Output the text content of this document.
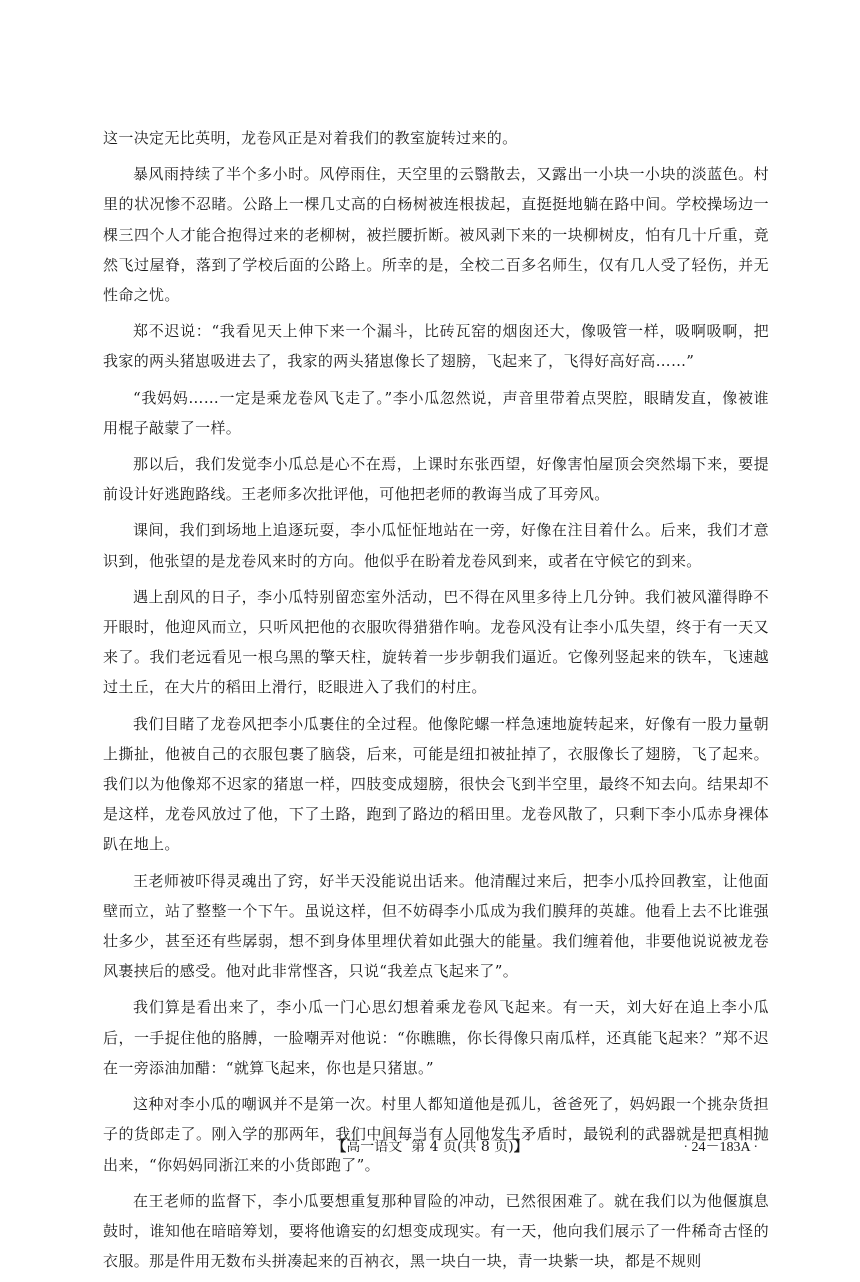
这一决定无比英明，龙卷风正是对着我们的教室旋转过来的。

暴风雨持续了半个多小时。风停雨住，天空里的云翳散去，又露出一小块一小块的淡蓝色。村里的状况惨不忍睹。公路上一棵几丈高的白杨树被连根拔起，直挺挺地躺在路中间。学校操场边一棵三四个人才能合抱得过来的老柳树，被拦腰折断。被风剥下来的一块柳树皮，怕有几十斤重，竟然飞过屋脊，落到了学校后面的公路上。所幸的是，全校二百多名师生，仅有几人受了轻伤，并无性命之忧。

郑不迟说：“我看见天上伸下来一个漏斗，比砖瓦窑的烟囱还大，像吸管一样，吸啊吸啊，把我家的两头猪崽吸进去了，我家的两头猪崽像长了翅膀，飞起来了，飞得好高好高……”

“我妈妈……一定是乘龙卷风飞走了。”李小瓜忽然说，声音里带着点哭腔，眼睛发直，像被谁用棍子敲蒙了一样。

那以后，我们发觉李小瓜总是心不在焉，上课时东张西望，好像害怕屋顶会突然塌下来，要提前设计好逃跑路线。王老师多次批评他，可他把老师的教诲当成了耳旁风。

课间，我们到场地上追逐玩耍，李小瓜怔怔地站在一旁，好像在注目着什么。后来，我们才意识到，他张望的是龙卷风来时的方向。他似乎在盼着龙卷风到来，或者在守候它的到来。

遇上刮风的日子，李小瓜特别留恋室外活动，巴不得在风里多待上几分钟。我们被风灌得睁不开眼时，他迎风而立，只听风把他的衣服吹得猎猎作响。龙卷风没有让李小瓜失望，终于有一天又来了。我们老远看见一根乌黑的擎天柱，旋转着一步步朝我们逼近。它像列竖起来的铁车，飞速越过土丘，在大片的稻田上滑行，眨眼进入了我们的村庄。

我们目睹了龙卷风把李小瓜裹住的全过程。他像陀螺一样急速地旋转起来，好像有一股力量朝上撕扯，他被自己的衣服包裹了脑袋，后来，可能是纽扣被扯掉了，衣服像长了翅膀，飞了起来。我们以为他像郑不迟家的猪崽一样，四肢变成翅膀，很快会飞到半空里，最终不知去向。结果却不是这样，龙卷风放过了他，下了土路，跑到了路边的稻田里。龙卷风散了，只剩下李小瓜赤身裸体趴在地上。

王老师被吓得灵魂出了窍，好半天没能说出话来。他清醒过来后，把李小瓜拎回教室，让他面壁而立，站了整整一个下午。虽说这样，但不妨碍李小瓜成为我们膜拜的英雄。他看上去不比谁强壮多少，甚至还有些孱弱，想不到身体里埋伏着如此强大的能量。我们缠着他，非要他说说被龙卷风裹挟后的感受。他对此非常悭吝，只说“我差点飞起来了”。

我们算是看出来了，李小瓜一门心思幻想着乘龙卷风飞起来。有一天，刘大好在追上李小瓜后，一手捉住他的胳膊，一脸嘲弄对他说：“你瞧瞧，你长得像只南瓜样，还真能飞起来？”郑不迟在一旁添油加醋：“就算飞起来，你也是只猪崽。”

这种对李小瓜的嘲讽并不是第一次。村里人都知道他是孤儿，爸爸死了，妈妈跟一个挑杂货担子的货郎走了。刚入学的那两年，我们中间每当有人同他发生矛盾时，最锐利的武器就是把真相抛出来，“你妈妈同浙江来的小货郎跑了”。

在王老师的监督下，李小瓜要想重复那种冒险的冲动，已然很困难了。就在我们以为他偃旗息鼓时，谁知他在暗暗筹划，要将他谵妄的幻想变成现实。有一天，他向我们展示了一件稀奇古怪的衣服。那是件用无数布头拼凑起来的百衲衣，黑一块白一块，青一块紫一块，都是不规则

【高一语文 第 4 页(共 8 页)】	· 24－183A ·
